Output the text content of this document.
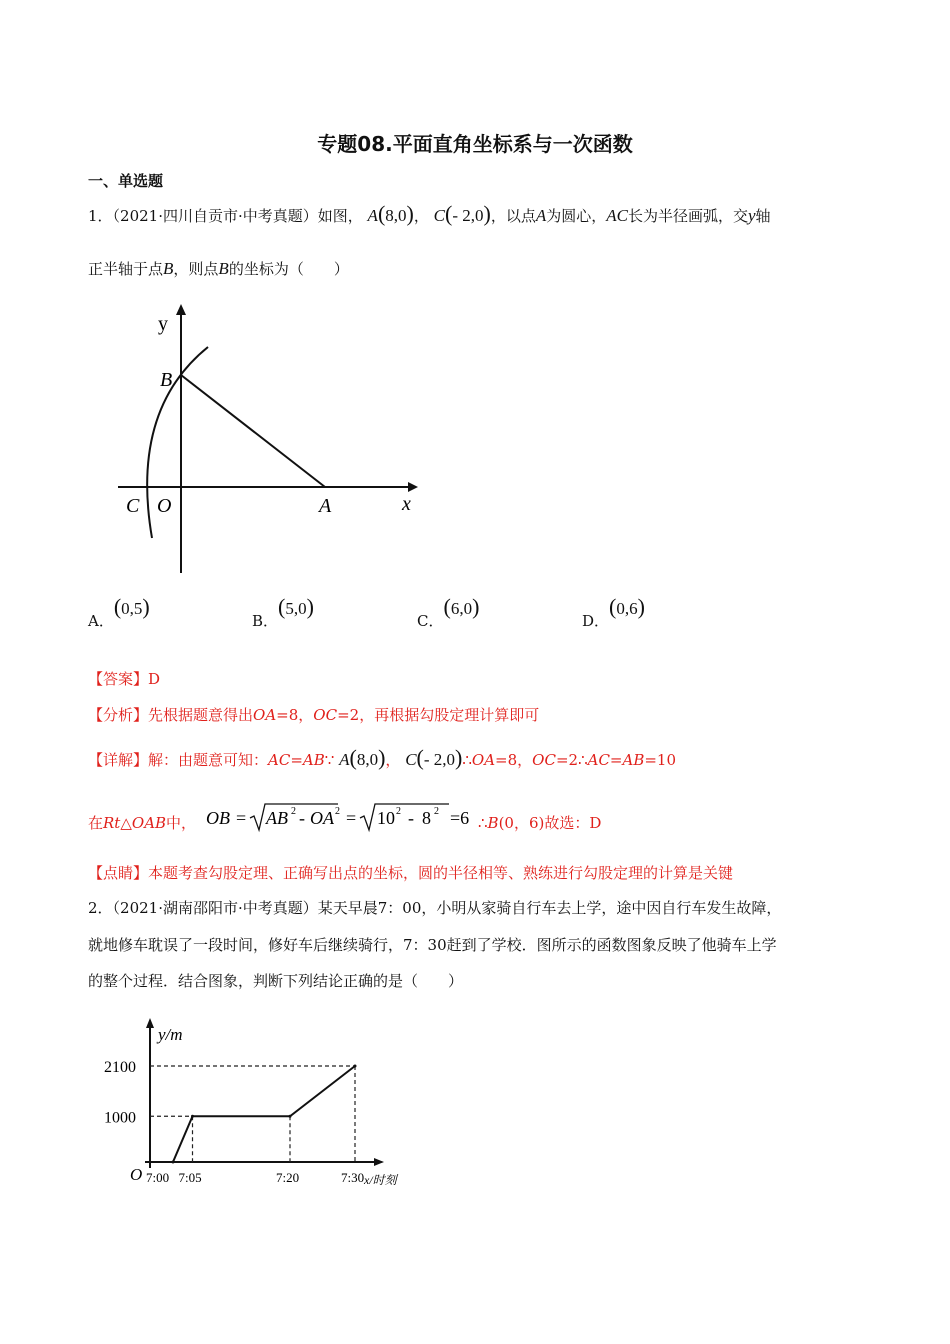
专题08.平面直角坐标系与一次函数
一、单选题
1．（2021·四川自贡市·中考真题）如图， A(8,0)， C(- 2,0)，以点A为圆心，AC长为半径画弧，交y轴
正半轴于点B，则点B的坐标为（　　）
y
B
C O	A	x
A．(0,5)
B．(5,0)
C．(6,0)
D．(0,6)
【答案】D
【分析】先根据题意得出OA=8，OC=2，再根据勾股定理计算即可
【详解】解：由题意可知：AC=AB∵ A(8,0)， C(- 2,0)∴OA=8，OC=2∴AC=AB=10
在Rt△OAB中， OB = AB 2 - OA 2 = 10 2 - 8 2 =6 ∴B(0，6)故选：D
【点睛】本题考查勾股定理、正确写出点的坐标，圆的半径相等、熟练进行勾股定理的计算是关键
2．（2021·湖南邵阳市·中考真题）某天早晨7：00，小明从家骑自行车去上学，途中因自行车发生故障，
就地修车耽误了一段时间，修好车后继续骑行，7：30赶到了学校．图所示的函数图象反映了他骑车上学
的整个过程．结合图象，判断下列结论正确的是（　　）
y/m
O	x/时刻
1000
2100
7:00 7:05	7:20	7:30
